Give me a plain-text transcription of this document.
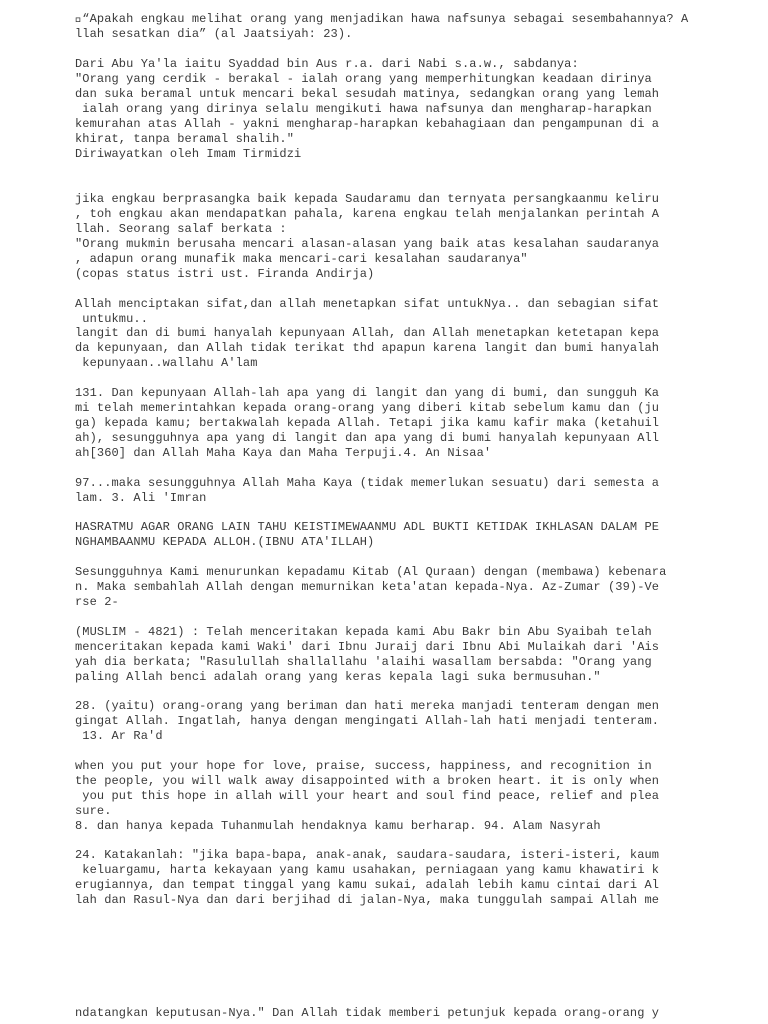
“Apakah engkau melihat orang yang menjadikan hawa nafsunya sebagai sesembahannya? A

llah sesatkan dia” (al Jaatsiyah: 23).

Dari Abu Ya'la iaitu Syaddad bin Aus r.a. dari Nabi s.a.w., sabdanya:

"Orang yang cerdik - berakal - ialah orang yang memperhitungkan keadaan dirinya

dan suka beramal untuk mencari bekal sesudah matinya, sedangkan orang yang lemah

ialah orang yang dirinya selalu mengikuti hawa nafsunya dan mengharap-harapkan

kemurahan atas Allah - yakni mengharap-harapkan kebahagiaan dan pengampunan di a

khirat, tanpa beramal shalih."

Diriwayatkan oleh Imam Tirmidzi

jika engkau berprasangka baik kepada Saudaramu dan ternyata persangkaanmu keliru

, toh engkau akan mendapatkan pahala, karena engkau telah menjalankan perintah A

llah. Seorang salaf berkata :

"Orang mukmin berusaha mencari alasan-alasan yang baik atas kesalahan saudaranya

, adapun orang munafik maka mencari-cari kesalahan saudaranya"

(copas status istri ust. Firanda Andirja)

Allah menciptakan sifat,dan allah menetapkan sifat untukNya.. dan sebagian sifat

untukmu..

langit dan di bumi hanyalah kepunyaan Allah, dan Allah menetapkan ketetapan kepa

da kepunyaan, dan Allah tidak terikat thd apapun karena langit dan bumi hanyalah

kepunyaan..wallahu A'lam

131. Dan kepunyaan Allah-lah apa yang di langit dan yang di bumi, dan sungguh Ka

mi telah memerintahkan kepada orang-orang yang diberi kitab sebelum kamu dan (ju

ga) kepada kamu; bertakwalah kepada Allah. Tetapi jika kamu kafir maka (ketahuil

ah), sesungguhnya apa yang di langit dan apa yang di bumi hanyalah kepunyaan All

ah[360] dan Allah Maha Kaya dan Maha Terpuji.4. An Nisaa'

97...maka sesungguhnya Allah Maha Kaya (tidak memerlukan sesuatu) dari semesta a

lam. 3. Ali 'Imran

HASRATMU AGAR ORANG LAIN TAHU KEISTIMEWAANMU ADL BUKTI KETIDAK IKHLASAN DALAM PE

NGHAMBAANMU KEPADA ALLOH.(IBNU ATA'ILLAH)

Sesungguhnya Kami menurunkan kepadamu Kitab (Al Quraan) dengan (membawa) kebenara

n. Maka sembahlah Allah dengan memurnikan keta'atan kepada-Nya. Az-Zumar (39)-Ve

rse 2-

(MUSLIM - 4821) : Telah menceritakan kepada kami Abu Bakr bin Abu Syaibah telah

menceritakan kepada kami Waki' dari Ibnu Juraij dari Ibnu Abi Mulaikah dari 'Ais

yah dia berkata; "Rasulullah shallallahu 'alaihi wasallam bersabda: "Orang yang

paling Allah benci adalah orang yang keras kepala lagi suka bermusuhan."

28. (yaitu) orang-orang yang beriman dan hati mereka manjadi tenteram dengan men

gingat Allah. Ingatlah, hanya dengan mengingati Allah-lah hati menjadi tenteram.

13. Ar Ra'd

when you put your hope for love, praise, success, happiness, and recognition in

the people, you will walk away disappointed with a broken heart. it is only when

you put this hope in allah will your heart and soul find peace, relief and plea

sure.

8. dan hanya kepada Tuhanmulah hendaknya kamu berharap. 94. Alam Nasyrah

24. Katakanlah: "jika bapa-bapa, anak-anak, saudara-saudara, isteri-isteri, kaum

keluargamu, harta kekayaan yang kamu usahakan, perniagaan yang kamu khawatiri k

erugiannya, dan tempat tinggal yang kamu sukai, adalah lebih kamu cintai dari Al

lah dan Rasul-Nya dan dari berjihad di jalan-Nya, maka tunggulah sampai Allah me

ndatangkan keputusan-Nya." Dan Allah tidak memberi petunjuk kepada orang-orang y
